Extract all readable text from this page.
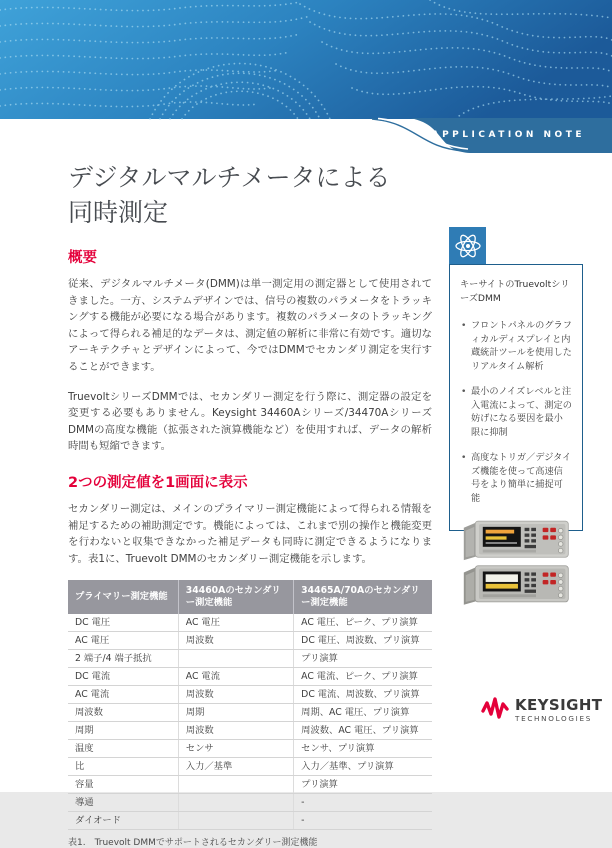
APPLICATION NOTE
デジタルマルチメータによる
同時測定
概要

従来、デジタルマルチメータ(DMM)は単一測定用の測定器として使用されてきました。一方、システムデザインでは、信号の複数のパラメータをトラッキングする機能が必要になる場合があります。複数のパラメータのトラッキングによって得られる補足的なデータは、測定値の解析に非常に有効です。適切なアーキテクチャとデザインによって、今ではDMMでセカンダリ測定を実行することができます。

TruevoltシリーズDMMでは、セカンダリー測定を行う際に、測定器の設定を変更する必要もありません。Keysight 34460Aシリーズ/34470AシリーズDMMの高度な機能（拡張された演算機能など）を使用すれば、データの解析時間も短縮できます。

2つの測定値を1画面に表示

セカンダリー測定は、メインのプライマリー測定機能によって得られる情報を補足するための補助測定です。機能によっては、これまで別の操作と機能変更を行わないと収集できなかった補足データも同時に測定できるようになります。表1に、Truevolt DMMのセカンダリー測定機能を示します。

プライマリー測定機能	34460Aのセカンダリー測定機能	34465A/70Aのセカンダリー測定機能
DC 電圧	AC 電圧	AC 電圧、ピーク、プリ演算
AC 電圧	周波数	DC 電圧、周波数、プリ演算
2 端子/4 端子抵抗		プリ演算
DC 電流	AC 電流	AC 電流、ピーク、プリ演算
AC 電流	周波数	DC 電流、周波数、プリ演算
周波数	周期	周期、AC 電圧、プリ演算
周期	周波数	周波数、AC 電圧、プリ演算
温度	センサ	センサ、プリ演算
比	入力／基準	入力／基準、プリ演算
容量		プリ演算
導通		-
ダイオード		-
表1.　Truevolt DMMでサポートされるセカンダリー測定機能

キーサイトのTruevoltシリーズDMM

• フロントパネルのグラフィカルディスプレイと内蔵統計ツールを使用したリアルタイム解析
• 最小のノイズレベルと注入電流によって、測定の妨げになる要因を最小限に抑制
• 高度なトリガ／デジタイズ機能を使って高速信号をより簡単に捕捉可能
KEYSIGHT
TECHNOLOGIES
